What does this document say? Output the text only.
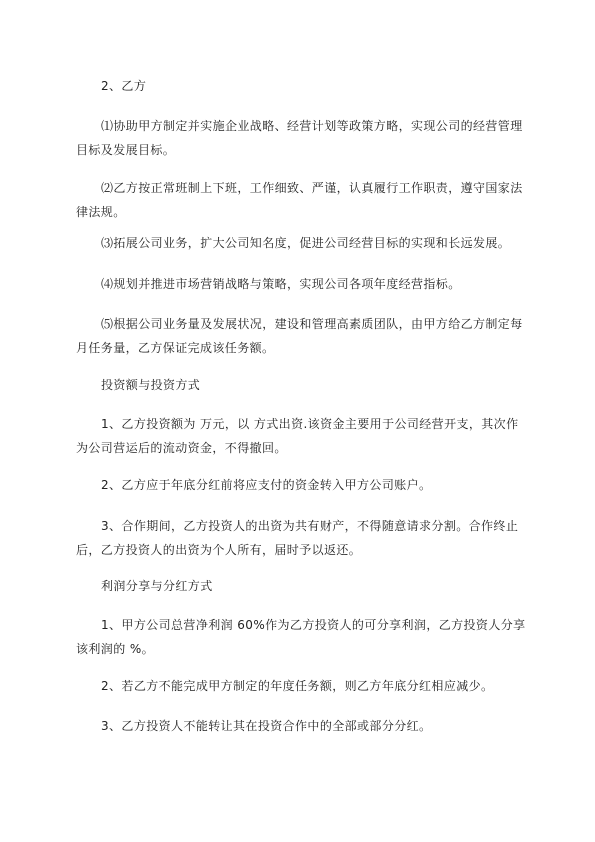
2、乙方

⑴协助甲方制定并实施企业战略、经营计划等政策方略，实现公司的经营管理目标及发展目标。

⑵乙方按正常班制上下班，工作细致、严谨，认真履行工作职责，遵守国家法律法规。

⑶拓展公司业务，扩大公司知名度，促进公司经营目标的实现和长远发展。

⑷规划并推进市场营销战略与策略，实现公司各项年度经营指标。

⑸根据公司业务量及发展状况，建设和管理高素质团队，由甲方给乙方制定每月任务量，乙方保证完成该任务额。

投资额与投资方式

1、乙方投资额为 万元，以 方式出资.该资金主要用于公司经营开支，其次作为公司营运后的流动资金，不得撤回。

2、乙方应于年底分红前将应支付的资金转入甲方公司账户。

3、合作期间，乙方投资人的出资为共有财产，不得随意请求分割。合作终止后，乙方投资人的出资为个人所有，届时予以返还。

利润分享与分红方式

1、甲方公司总营净利润 60%作为乙方投资人的可分享利润，乙方投资人分享该利润的 %。

2、若乙方不能完成甲方制定的年度任务额，则乙方年底分红相应减少。

3、乙方投资人不能转让其在投资合作中的全部或部分分红。
